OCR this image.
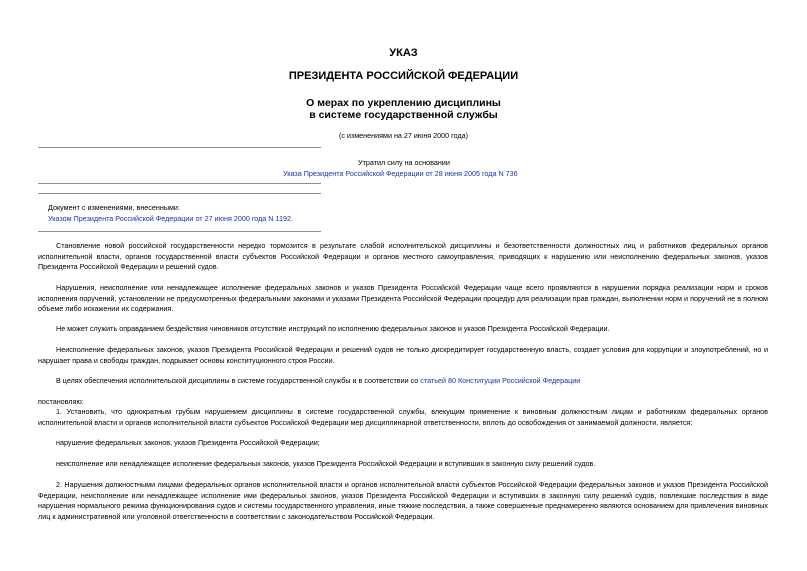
УКАЗ
ПРЕЗИДЕНТА РОССИЙСКОЙ ФЕДЕРАЦИИ
О мерах по укреплению дисциплины
в системе государственной службы
(с изменениями на 27 июня 2000 года)
Утратил силу на основании
Указа Президента Российской Федерации от 28 июня 2005 года N 736
Документ с изменениями, внесенными:
Указом Президента Российской Федерации от 27 июня 2000 года N 1192.
Становление новой российской государственности нередко тормозится в результате слабой исполнительской дисциплины и безответственности должностных лиц и работников федеральных органов исполнительной власти, органов государственной власти субъектов Российской Федерации и органов местного самоуправления, приводящих к нарушению или неисполнению федеральных законов, указов Президента Российской Федерации и решений судов.
Нарушения, неисполнение или ненадлежащее исполнение федеральных законов и указов Президента Российской Федерации чаще всего проявляются в нарушении порядка реализации норм и сроков исполнения поручений, установлении не предусмотренных федеральными законами и указами Президента Российской Федерации процедур для реализации прав граждан, выполнении норм и поручений не в полном объеме либо искажении их содержания.
Не может служить оправданием бездействия чиновников отсутствие инструкций по исполнению федеральных законов и указов Президента Российской Федерации.
Неисполнение федеральных законов, указов Президента Российской Федерации и решений судов не только дискредитирует государственную власть, создает условия для коррупции и злоупотреблений, но и нарушает права и свободы граждан, подрывает основы конституционного строя России.
В целях обеспечения исполнительской дисциплины в системе государственной службы и в соответствии со статьей 80 Конституции Российской Федерации
постановляю:
1. Установить, что однократным грубым нарушением дисциплины в системе государственной службы, влекущим применение к виновным должностным лицам и работникам федеральных органов исполнительной власти и органов исполнительной власти субъектов Российской Федерации мер дисциплинарной ответственности, вплоть до освобождения от занимаемой должности, является:
нарушение федеральных законов, указов Президента Российской Федерации;
неисполнение или ненадлежащее исполнение федеральных законов, указов Президента Российской Федерации и вступивших в законную силу решений судов.
2. Нарушения должностными лицами федеральных органов исполнительной власти и органов исполнительной власти субъектов Российской Федерации федеральных законов и указов Президента Российской Федерации, неисполнение или ненадлежащее исполнение ими федеральных законов, указов Президента Российской Федерации и вступивших в законную силу решений судов, повлекшие последствия в виде нарушения нормального режима функционирования судов и системы государственного управления, иные тяжкие последствия, а также совершенные преднамеренно являются основанием для привлечения виновных лиц к административной или уголовной ответственности в соответствии с законодательством Российской Федерации.
